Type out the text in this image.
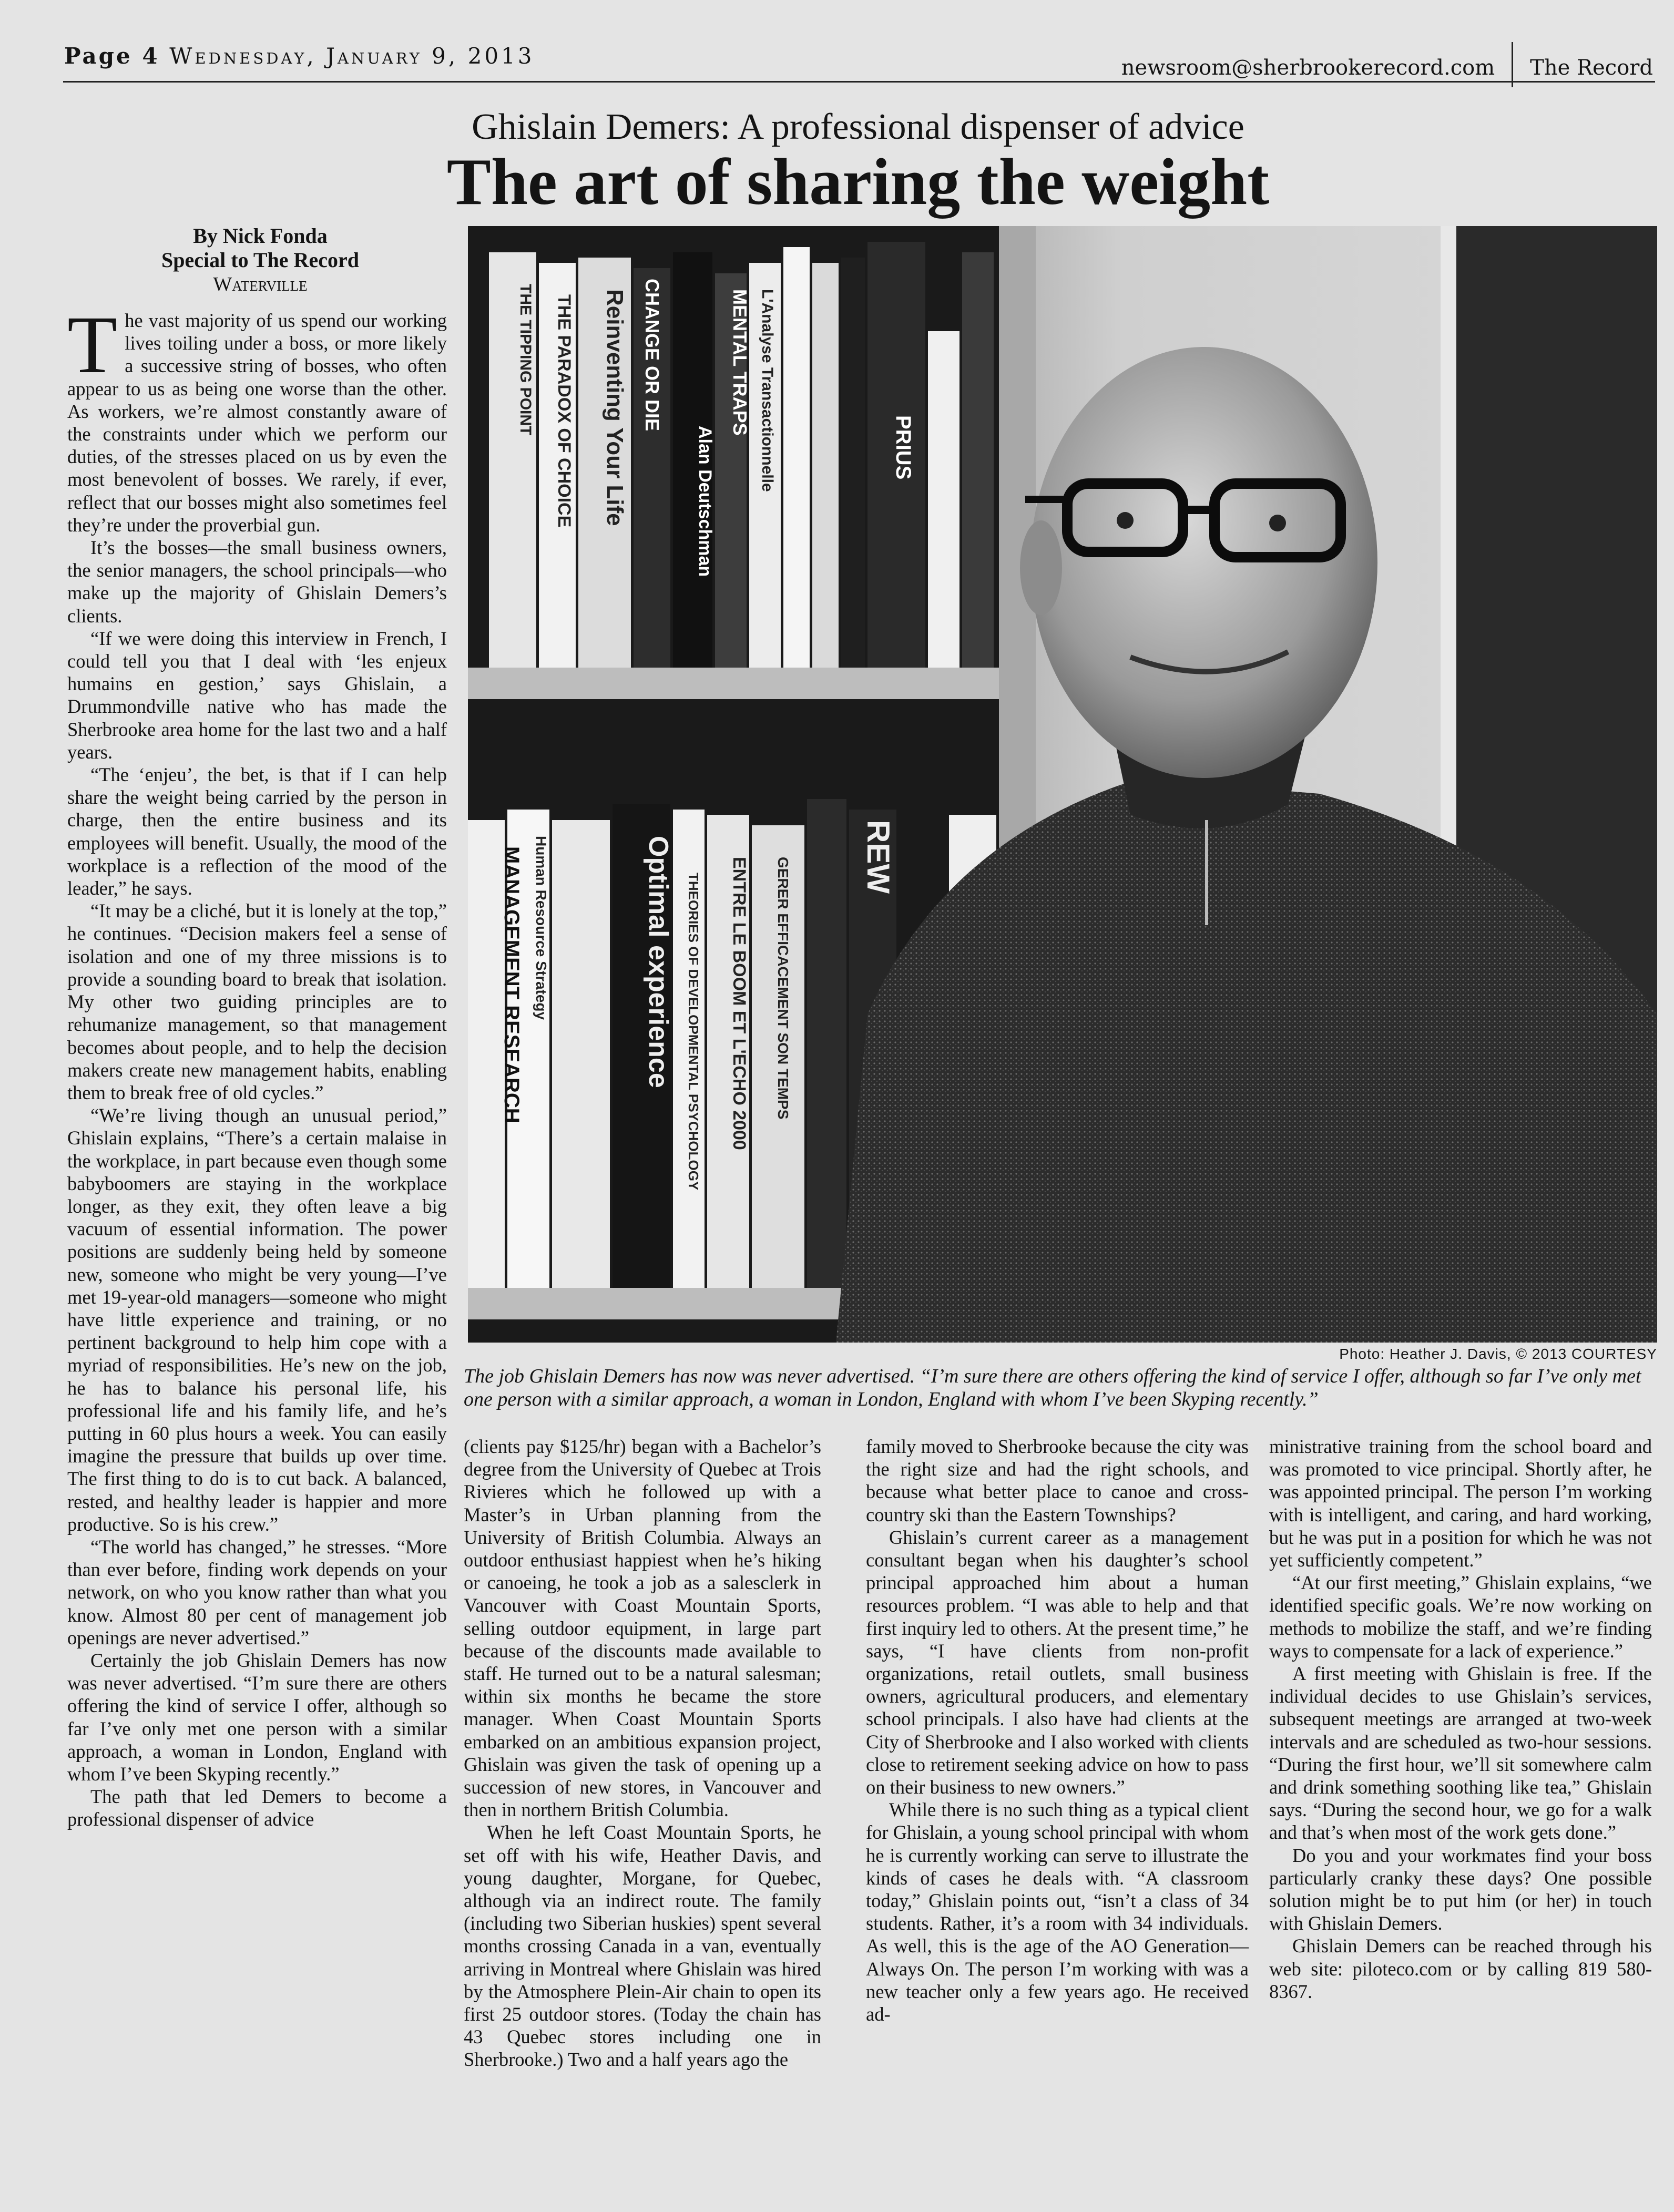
Page 4 Wednesday, January 9, 2013	newsroom@sherbrookerecord.com The Record
Ghislain Demers: A professional dispenser of advice
The art of sharing the weight
By Nick Fonda
Special to The Record
Waterville	THE TIPPING POINT THE PARADOX OF CHOICE Reinventing Your Life CHANGE OR DIE
Alan Deutschman
MENTAL TRAPS L'Analyse Transactionnelle	PRIUS
MANAGEMENT RESEARCH Human Resource Strategy	Optimal experience THEORIES OF DEVELOPMENTAL PSYCHOLOGY ENTRE LE BOOM ET L'ECHO 2000 GERER EFFICACEMENT SON TEMPS
REW
Photo: Heather J. Davis, © 2013 COURTESY
The job Ghislain Demers has now was never advertised. “I’m sure there are others offering the kind of service I offer, although so far I’ve only met one person with a similar approach, a woman in London, England with whom I’ve been Skyping recently.”

The vast majority of us spend our working lives toiling under a boss, or more likely a successive string of bosses, who often appear to us as being one worse than the other. As workers, we’re almost constantly aware of the constraints under which we perform our duties, of the stresses placed on us by even the most benevolent of bosses. We rarely, if ever, reflect that our bosses might also sometimes feel they’re under the proverbial gun.

It’s the bosses—the small business owners, the senior managers, the school principals—who make up the majority of Ghislain Demers’s clients.

“If we were doing this interview in French, I could tell you that I deal with ‘les enjeux humains en gestion,’ says Ghislain, a Drummondville native who has made the Sherbrooke area home for the last two and a half years.

“The ‘enjeu’, the bet, is that if I can help share the weight being carried by the person in charge, then the entire business and its employees will benefit. Usually, the mood of the workplace is a reflection of the mood of the leader,” he says.

“It may be a cliché, but it is lonely at the top,” he continues. “Decision makers feel a sense of isolation and one of my three missions is to provide a sounding board to break that isolation. My other two guiding principles are to rehumanize management, so that management becomes about people, and to help the decision makers create new management habits, enabling them to break free of old cycles.”

“We’re living though an unusual period,” Ghislain explains, “There’s a certain malaise in the workplace, in part because even though some babyboomers are staying in the workplace longer, as they exit, they often leave a big vacuum of essential information. The power positions are suddenly being held by someone new, someone who might be very young—I’ve met 19-year-old managers—someone who might have little experience and training, or no pertinent background to help him cope with a myriad of responsibilities. He’s new on the job, he has to balance his personal life, his professional life and his family life, and he’s putting in 60 plus hours a week. You can easily imagine the pressure that builds up over time. The first thing to do is to cut back. A balanced, rested, and healthy leader is happier and more productive. So is his crew.”

“The world has changed,” he stresses. “More than ever before, finding work depends on your network, on who you know rather than what you know. Almost 80 per cent of management job openings are never advertised.”

Certainly the job Ghislain Demers has now was never advertised. “I’m sure there are others offering the kind of service I offer, although so far I’ve only met one person with a similar approach, a woman in London, England with whom I’ve been Skyping recently.”

The path that led Demers to become a professional dispenser of advice

(clients pay $125/hr) began with a Bachelor’s degree from the University of Quebec at Trois Rivieres which he followed up with a Master’s in Urban planning from the University of British Columbia. Always an outdoor enthusiast happiest when he’s hiking or canoeing, he took a job as a salesclerk in Vancouver with Coast Mountain Sports, selling outdoor equipment, in large part because of the discounts made available to staff. He turned out to be a natural salesman; within six months he became the store manager. When Coast Mountain Sports embarked on an ambitious expansion project, Ghislain was given the task of opening up a succession of new stores, in Vancouver and then in northern British Columbia.

When he left Coast Mountain Sports, he set off with his wife, Heather Davis, and young daughter, Morgane, for Quebec, although via an indirect route. The family (including two Siberian huskies) spent several months crossing Canada in a van, eventually arriving in Montreal where Ghislain was hired by the Atmosphere Plein-Air chain to open its first 25 outdoor stores. (Today the chain has 43 Quebec stores including one in Sherbrooke.) Two and a half years ago the

family moved to Sherbrooke because the city was the right size and had the right schools, and because what better place to canoe and cross-country ski than the Eastern Townships?

Ghislain’s current career as a management consultant began when his daughter’s school principal approached him about a human resources problem. “I was able to help and that first inquiry led to others. At the present time,” he says, “I have clients from non-profit organizations, retail outlets, small business owners, agricultural producers, and elementary school principals. I also have had clients at the City of Sherbrooke and I also worked with clients close to retirement seeking advice on how to pass on their business to new owners.”

While there is no such thing as a typical client for Ghislain, a young school principal with whom he is currently working can serve to illustrate the kinds of cases he deals with. “A classroom today,” Ghislain points out, “isn’t a class of 34 students. Rather, it’s a room with 34 individuals. As well, this is the age of the AO Generation—Always On. The person I’m working with was a new teacher only a few years ago. He received ad-

ministrative training from the school board and was promoted to vice principal. Shortly after, he was appointed principal. The person I’m working with is intelligent, and caring, and hard working, but he was put in a position for which he was not yet sufficiently competent.”

“At our first meeting,” Ghislain explains, “we identified specific goals. We’re now working on methods to mobilize the staff, and we’re finding ways to compensate for a lack of experience.”

A first meeting with Ghislain is free. If the individual decides to use Ghislain’s services, subsequent meetings are arranged at two-week intervals and are scheduled as two-hour sessions. “During the first hour, we’ll sit somewhere calm and drink something soothing like tea,” Ghislain says. “During the second hour, we go for a walk and that’s when most of the work gets done.”

Do you and your workmates find your boss particularly cranky these days? One possible solution might be to put him (or her) in touch with Ghislain Demers.

Ghislain Demers can be reached through his web site: piloteco.com or by calling 819 580-8367.
